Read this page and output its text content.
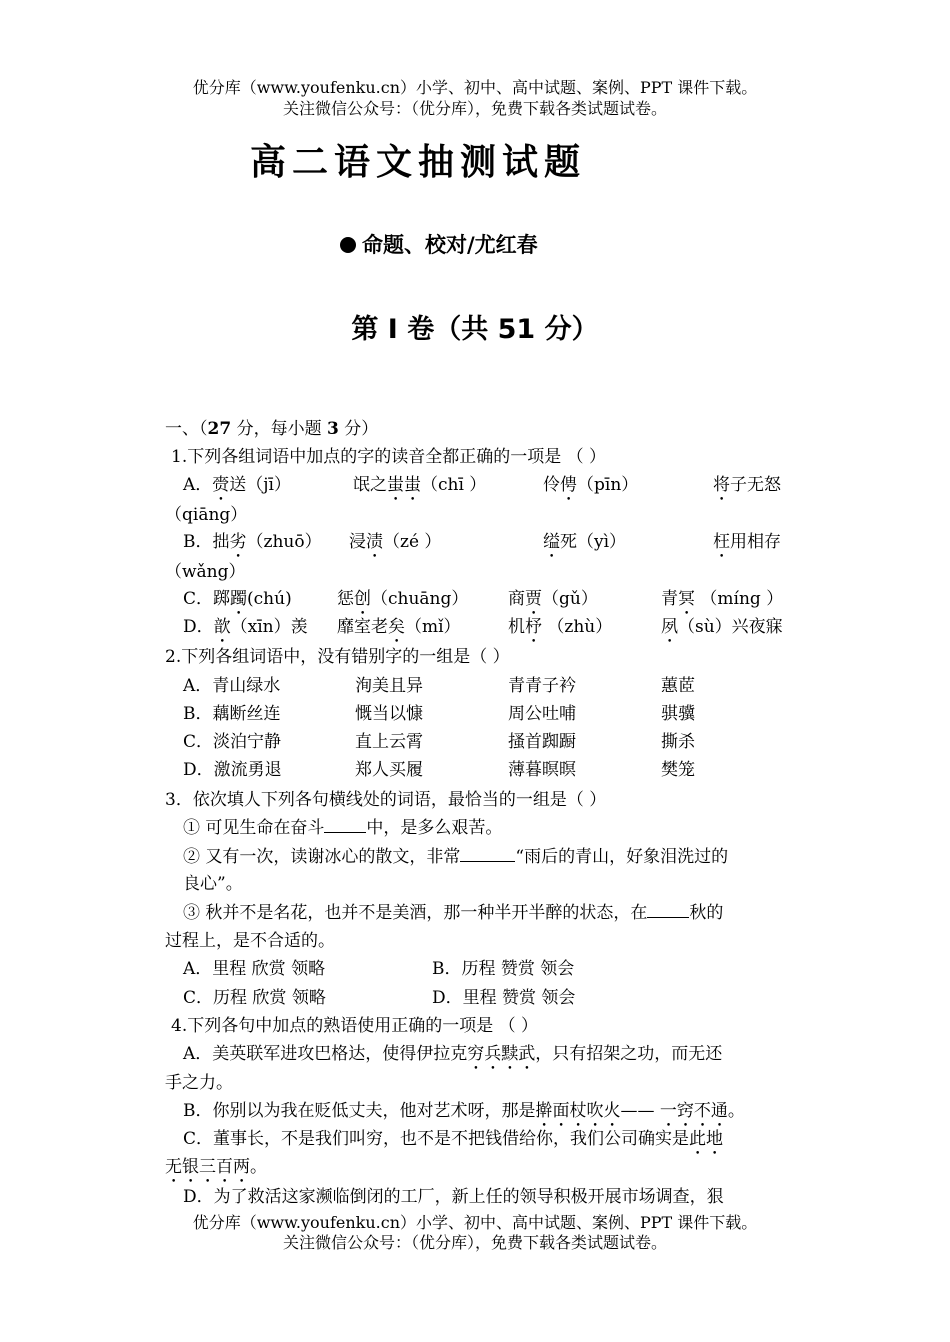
优分库（www.youfenku.cn）小学、初中、高中试题、案例、PPT 课件下载。
关注微信公众号：（优分库），免费下载各类试题试卷。
高二语文抽测试题
命题、校对/尤红春
第 I 卷（共 51 分）
一、（27 分，每小题 3 分）
1.下列各组词语中加点的字的读音全都正确的一项是 （ ）
A．赍送（jī）	氓之蚩蚩（chī ）	伶俜（pīn）	将子无怒
（qiāng）
B．拙劣（zhuō） 浸渍（zé ）	缢死（yì）	枉用相存
（wǎng）
C．踯躅(chú)	惩创（chuāng） 商贾（gǔ）	青冥 （míng ）
D．歆（xīn）羡 靡室老矣（mǐ）	机杼 （zhù）	夙（sù）兴夜寐
2.下列各组词语中，没有错别字的一组是（ ）
A．青山绿水	洵美且异	青青子衿	蕙茝
B．藕断丝连	慨当以慷	周公吐哺	骐骥
C．淡泊宁静	直上云霄	搔首踟蹰	撕杀
D．激流勇退	郑人买履	薄暮暝暝	樊笼
3．依次填人下列各句横线处的词语，最恰当的一组是（ ）
① 可见生命在奋斗 中，是多么艰苦。
② 又有一次，读谢冰心的散文，非常	“雨后的青山，好象泪洗过的
良心”。
③ 秋并不是名花，也并不是美酒，那一种半开半醉的状态，在 秋的
过程上，是不合适的。
A．里程 欣赏 领略	B．历程 赞赏 领会
C．历程 欣赏 领略	D．里程 赞赏 领会
4.下列各句中加点的熟语使用正确的一项是 （ ）
A．美英联军进攻巴格达，使得伊拉克穷兵黩武，只有招架之功，而无还
手之力。
B．你别以为我在贬低丈夫，他对艺术呀，那是擀面杖吹火—— 一窍不通。
C．董事长，不是我们叫穷，也不是不把钱借给你，我们公司确实是此地
无银三百两。
D．为了救活这家濒临倒闭的工厂，新上任的领导积极开展市场调查，狠
优分库（www.youfenku.cn）小学、初中、高中试题、案例、PPT 课件下载。
关注微信公众号：（优分库），免费下载各类试题试卷。
